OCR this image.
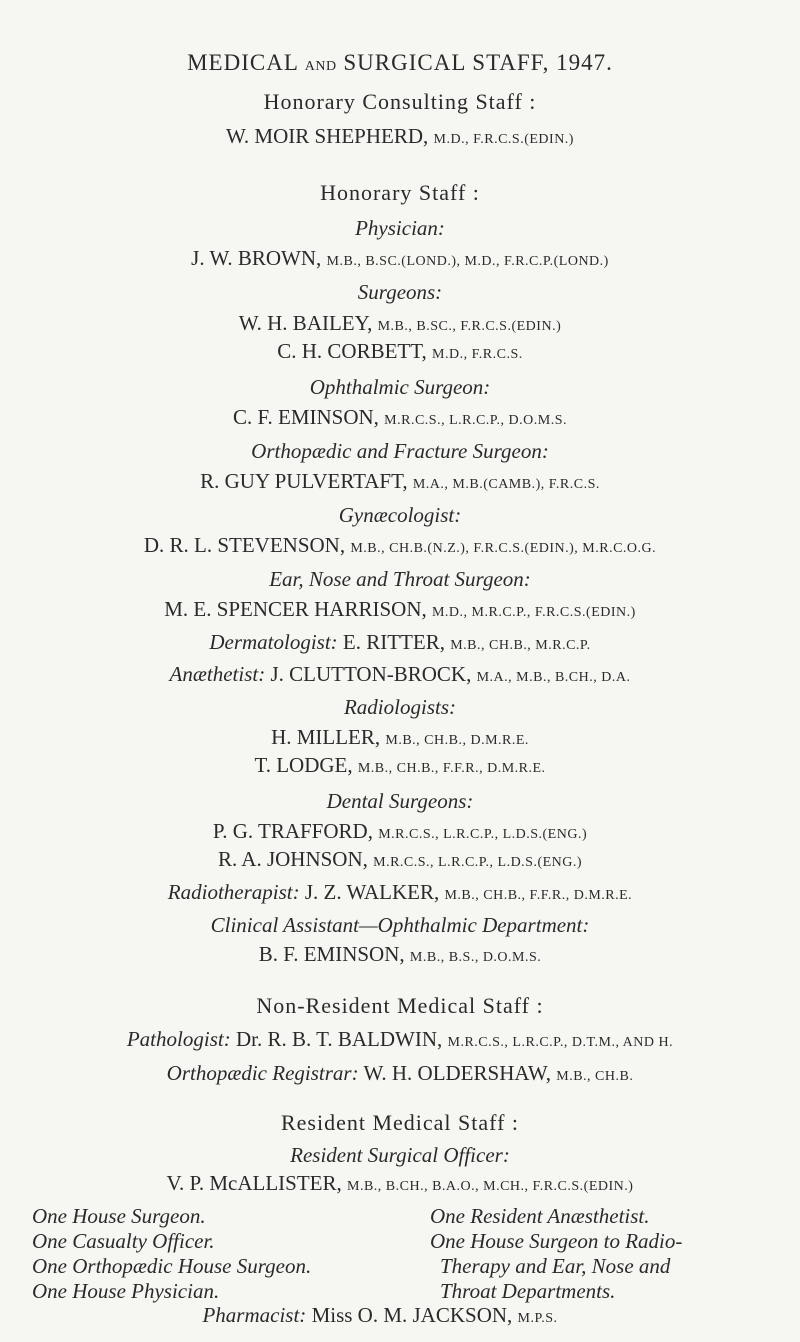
MEDICAL AND SURGICAL STAFF, 1947.
Honorary Consulting Staff :
W. MOIR SHEPHERD, M.D., F.R.C.S.(EDIN.)
Honorary Staff :
Physician:
J. W. BROWN, M.B., B.SC.(LOND.), M.D., F.R.C.P.(LOND.)
Surgeons:
W. H. BAILEY, M.B., B.SC., F.R.C.S.(EDIN.)
C. H. CORBETT, M.D., F.R.C.S.
Ophthalmic Surgeon:
C. F. EMINSON, M.R.C.S., L.R.C.P., D.O.M.S.
Orthopædic and Fracture Surgeon:
R. GUY PULVERTAFT, M.A., M.B.(CAMB.), F.R.C.S.
Gynæcologist:
D. R. L. STEVENSON, M.B., CH.B.(N.Z.), F.R.C.S.(EDIN.), M.R.C.O.G.
Ear, Nose and Throat Surgeon:
M. E. SPENCER HARRISON, M.D., M.R.C.P., F.R.C.S.(EDIN.)
Dermatologist: E. RITTER, M.B., CH.B., M.R.C.P.
Anæthetist: J. CLUTTON-BROCK, M.A., M.B., B.CH., D.A.
Radiologists:
H. MILLER, M.B., CH.B., D.M.R.E.
T. LODGE, M.B., CH.B., F.F.R., D.M.R.E.
Dental Surgeons:
P. G. TRAFFORD, M.R.C.S., L.R.C.P., L.D.S.(ENG.)
R. A. JOHNSON, M.R.C.S., L.R.C.P., L.D.S.(ENG.)
Radiotherapist: J. Z. WALKER, M.B., CH.B., F.F.R., D.M.R.E.
Clinical Assistant—Ophthalmic Department:
B. F. EMINSON, M.B., B.S., D.O.M.S.
Non-Resident Medical Staff :
Pathologist: Dr. R. B. T. BALDWIN, M.R.C.S., L.R.C.P., D.T.M., AND H.
Orthopædic Registrar: W. H. OLDERSHAW, M.B., CH.B.
Resident Medical Staff :
Resident Surgical Officer:
V. P. McALLISTER, M.B., B.CH., B.A.O., M.CH., F.R.C.S.(EDIN.)
One House Surgeon.
One Casualty Officer.
One Orthopædic House Surgeon.
One House Physician.
One Resident Anæsthetist.
One House Surgeon to Radio-
Therapy and Ear, Nose and
Throat Departments.
Pharmacist: Miss O. M. JACKSON, M.P.S.
